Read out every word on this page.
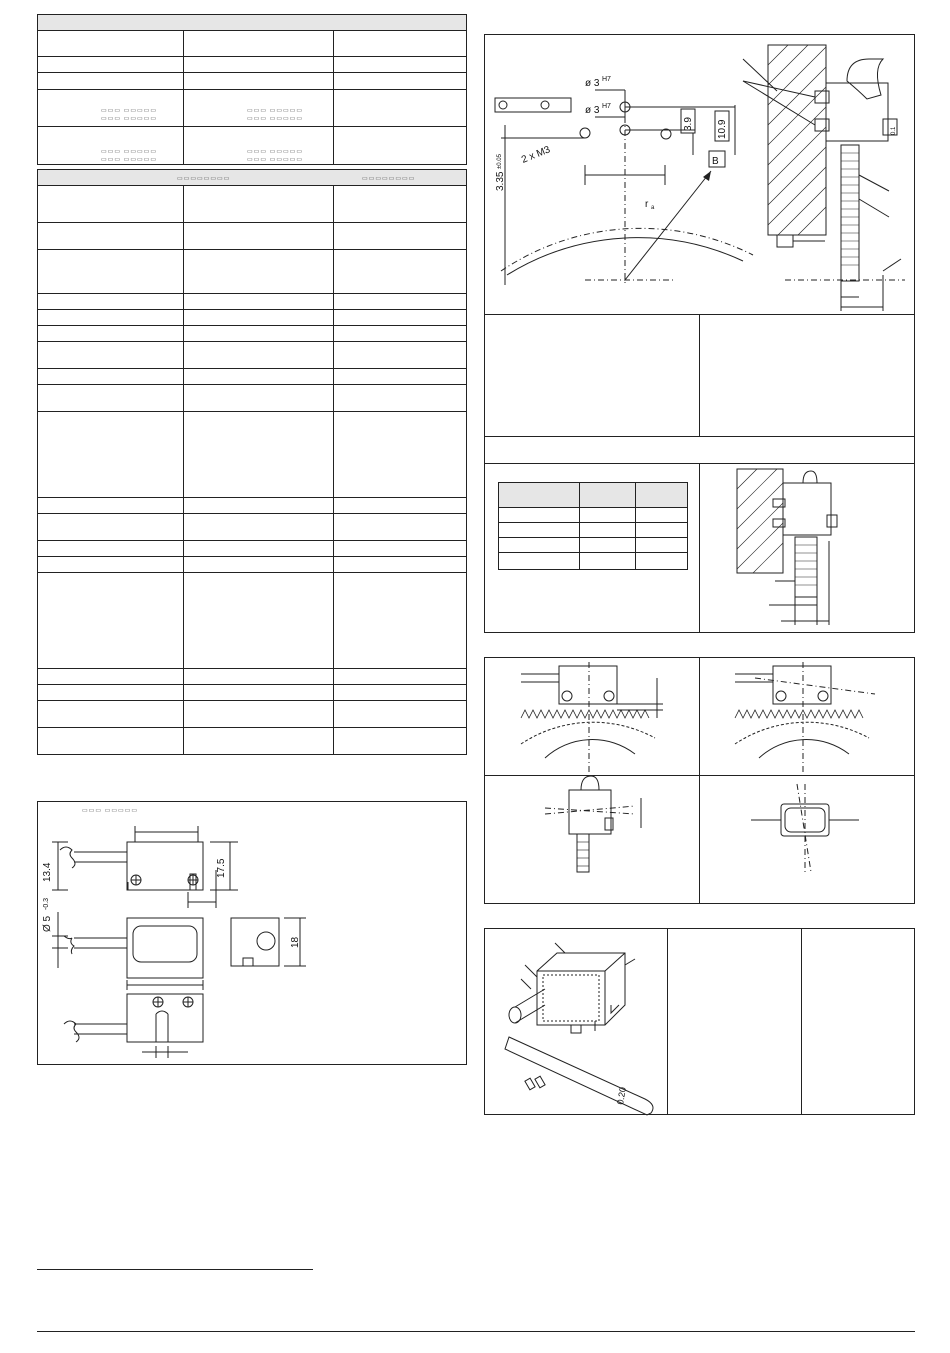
▭▭▭ ▭▭▭▭▭
▭▭▭ ▭▭▭▭▭
▭▭▭ ▭▭▭▭▭
▭▭▭ ▭▭▭▭▭
▭▭▭ ▭▭▭▭▭
▭▭▭ ▭▭▭▭▭
▭▭▭ ▭▭▭▭▭
▭▭▭ ▭▭▭▭▭
▭▭▭▭▭▭▭▭	▭▭▭▭▭▭▭▭
13.4	17.5
Ø 5
-0.3
18
▭▭▭ ▭▭▭▭▭
ø 3 H7
ø 3 H7
2 x M3
3.9 10.9
3.35
±0.05
r a
B
0.1
0.20
